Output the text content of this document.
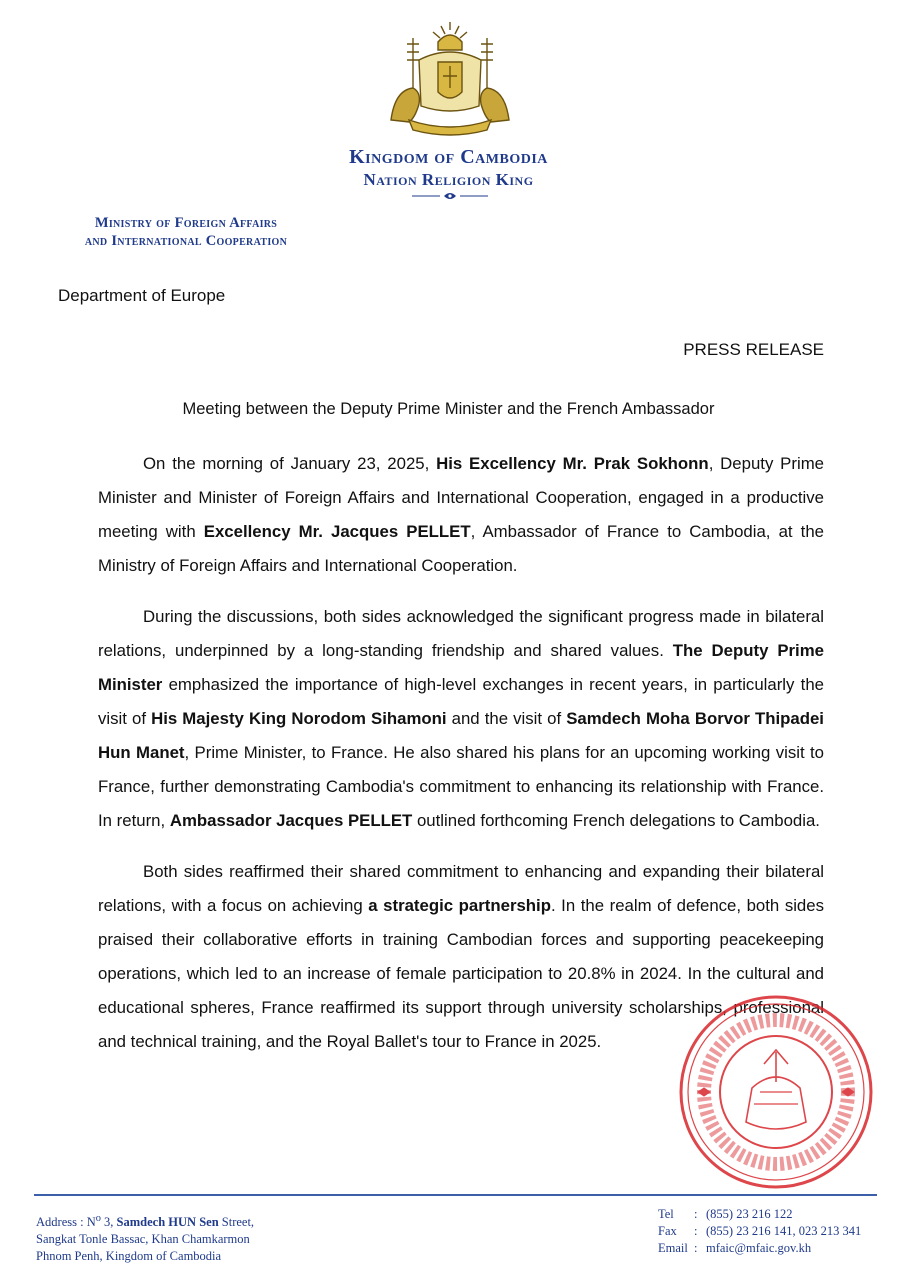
Kingdom of Cambodia
Nation Religion King
Ministry of Foreign Affairs
and International Cooperation
Department of Europe
PRESS RELEASE
Meeting between the Deputy Prime Minister and the French Ambassador

On the morning of January 23, 2025, His Excellency Mr. Prak Sokhonn, Deputy Prime Minister and Minister of Foreign Affairs and International Cooperation, engaged in a productive meeting with Excellency Mr. Jacques PELLET, Ambassador of France to Cambodia, at the Ministry of Foreign Affairs and International Cooperation.

During the discussions, both sides acknowledged the significant progress made in bilateral relations, underpinned by a long-standing friendship and shared values. The Deputy Prime Minister emphasized the importance of high-level exchanges in recent years, in particularly the visit of His Majesty King Norodom Sihamoni and the visit of Samdech Moha Borvor Thipadei Hun Manet, Prime Minister, to France. He also shared his plans for an upcoming working visit to France, further demonstrating Cambodia's commitment to enhancing its relationship with France. In return, Ambassador Jacques PELLET outlined forthcoming French delegations to Cambodia.

Both sides reaffirmed their shared commitment to enhancing and expanding their bilateral relations, with a focus on achieving a strategic partnership. In the realm of defence, both sides praised their collaborative efforts in training Cambodian forces and supporting peacekeeping operations, which led to an increase of female participation to 20.8% in 2024. In the cultural and educational spheres, France reaffirmed its support through university scholarships, professional and technical training, and the Royal Ballet's tour to France in 2025.

Address : $N^o$ 3, Samdech HUN Sen Street,
Sangkat Tonle Bassac, Khan Chamkarmon
Phnom Penh, Kingdom of Cambodia
Tel	: (855) 23 216 122
Fax	: (855) 23 216 141, 023 213 341
Email : mfaic@mfaic.gov.kh
